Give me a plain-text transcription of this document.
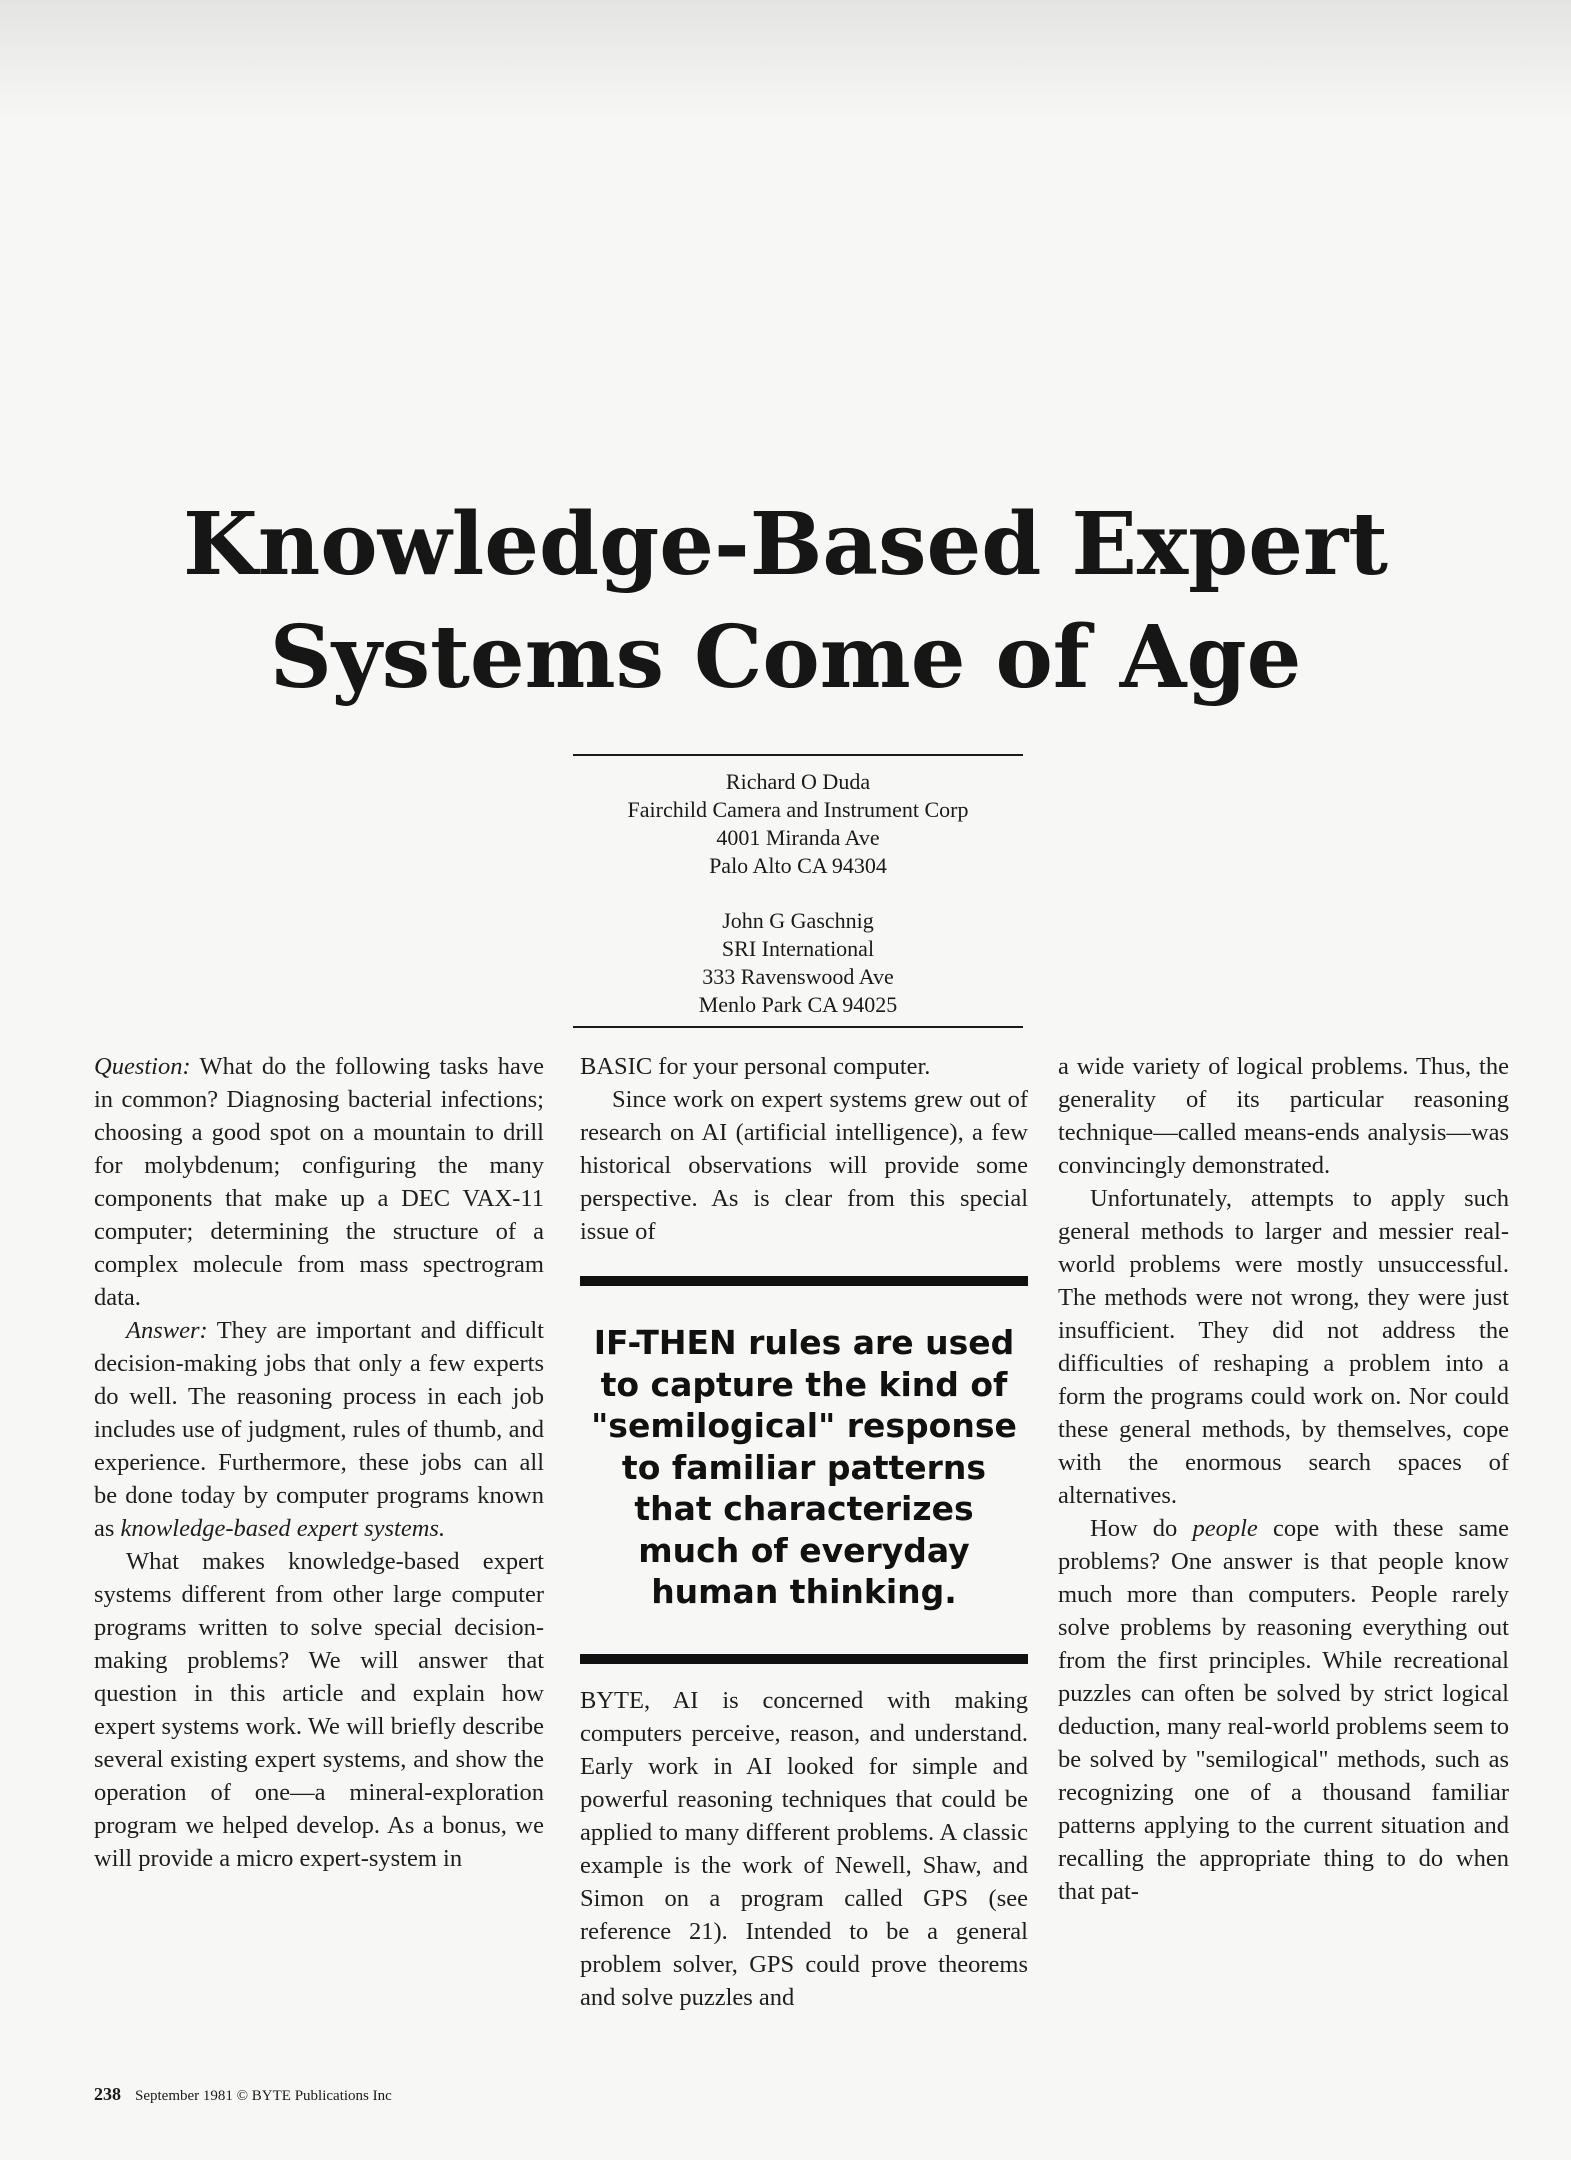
Knowledge-Based Expert
Systems Come of Age
Richard O Duda
Fairchild Camera and Instrument Corp
4001 Miranda Ave
Palo Alto CA 94304
John G Gaschnig
SRI International
333 Ravenswood Ave
Menlo Park CA 94025

Question: What do the following tasks have in common? Diagnosing bacterial infections; choosing a good spot on a mountain to drill for molybdenum; configuring the many components that make up a DEC VAX-11 computer; determining the structure of a complex molecule from mass spectrogram data.

Answer: They are important and difficult decision-making jobs that only a few experts do well. The reasoning process in each job includes use of judgment, rules of thumb, and experience. Furthermore, these jobs can all be done today by computer programs known as knowledge-based expert systems.

What makes knowledge-based expert systems different from other large computer programs written to solve special decision-making problems? We will answer that question in this article and explain how expert systems work. We will briefly describe several existing expert systems, and show the operation of one—a mineral-exploration program we helped develop. As a bonus, we will provide a micro expert-system in

BASIC for your personal computer.

Since work on expert systems grew out of research on AI (artificial intelligence), a few historical observations will provide some perspective. As is clear from this special issue of

IF-THEN rules are used
to capture the kind of
"semilogical" response
to familiar patterns
that characterizes
much of everyday
human thinking.

BYTE, AI is concerned with making computers perceive, reason, and understand. Early work in AI looked for simple and powerful reasoning techniques that could be applied to many different problems. A classic example is the work of Newell, Shaw, and Simon on a program called GPS (see reference 21). Intended to be a general problem solver, GPS could prove theorems and solve puzzles and

a wide variety of logical problems. Thus, the generality of its particular reasoning technique—called means-ends analysis—was convincingly demonstrated.

Unfortunately, attempts to apply such general methods to larger and messier real-world problems were mostly unsuccessful. The methods were not wrong, they were just insufficient. They did not address the difficulties of reshaping a problem into a form the programs could work on. Nor could these general methods, by themselves, cope with the enormous search spaces of alternatives.

How do people cope with these same problems? One answer is that people know much more than computers. People rarely solve problems by reasoning everything out from the first principles. While recreational puzzles can often be solved by strict logical deduction, many real-world problems seem to be solved by "semilogical" methods, such as recognizing one of a thousand familiar patterns applying to the current situation and recalling the appropriate thing to do when that pat-

238 September 1981 © BYTE Publications Inc
